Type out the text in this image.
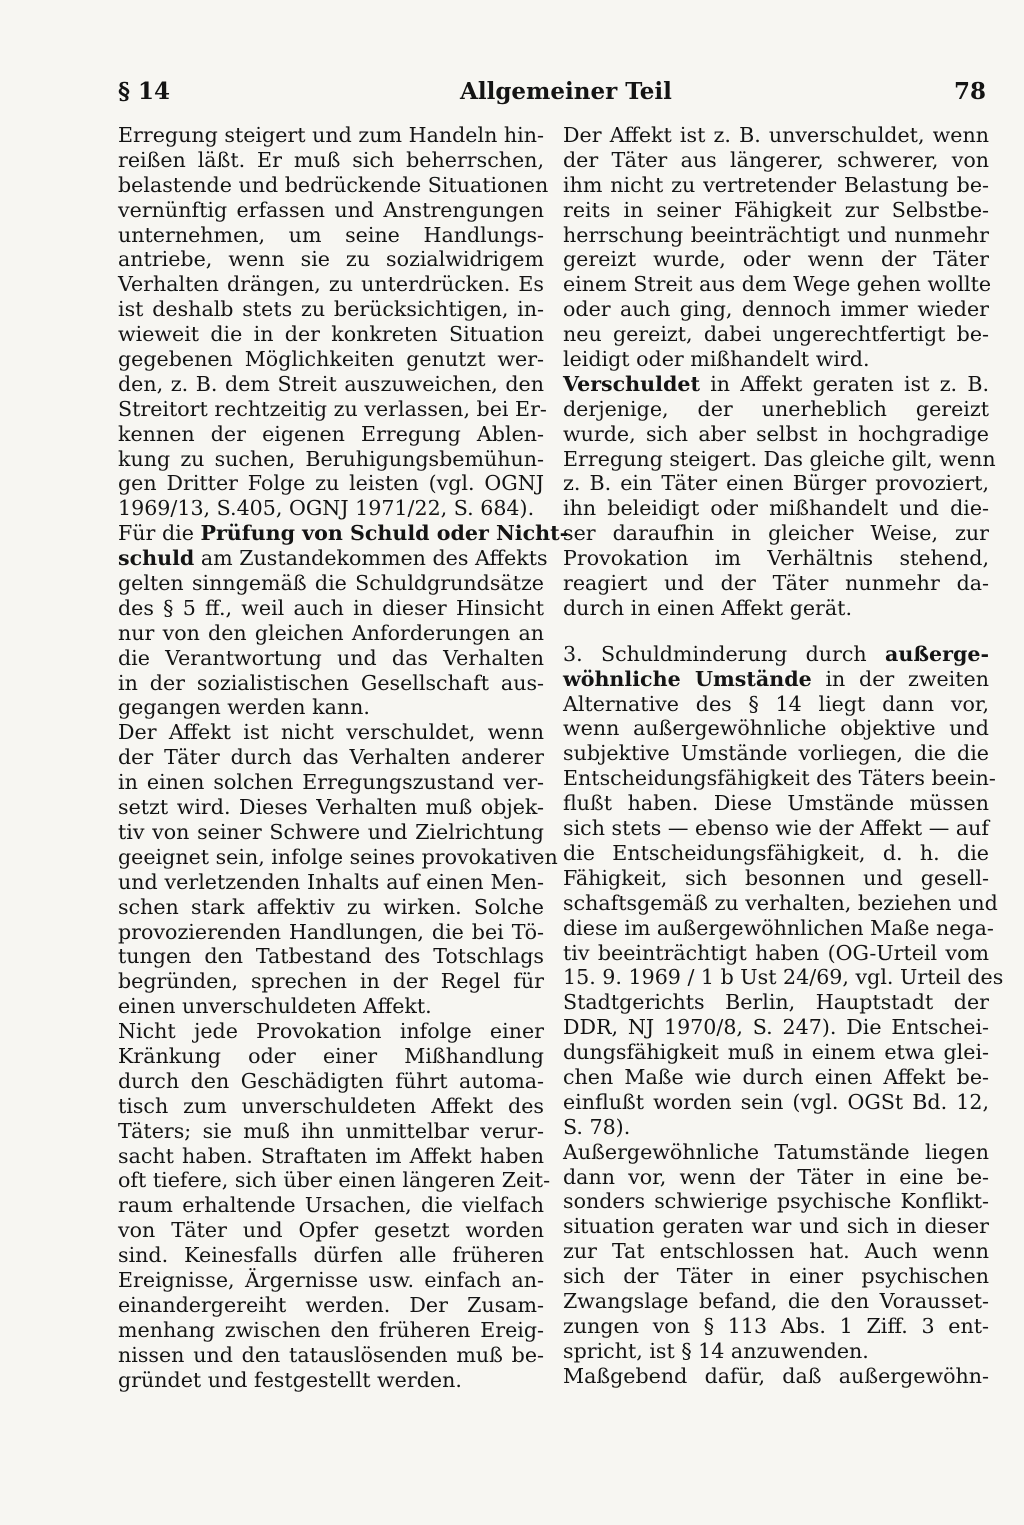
§ 14	Allgemeiner Teil	78
Erregung steigert und zum Handeln hin-
reißen läßt. Er muß sich beherrschen,
belastende und bedrückende Situationen
vernünftig erfassen und Anstrengungen
unternehmen, um seine Handlungs-
antriebe, wenn sie zu sozialwidrigem
Verhalten drängen, zu unterdrücken. Es
ist deshalb stets zu berücksichtigen, in-
wieweit die in der konkreten Situation
gegebenen Möglichkeiten genutzt wer-
den, z. B. dem Streit auszuweichen, den
Streitort rechtzeitig zu verlassen, bei Er-
kennen der eigenen Erregung Ablen-
kung zu suchen, Beruhigungsbemühun-
gen Dritter Folge zu leisten (vgl. OGNJ
1969/13, S.405, OGNJ 1971/22, S. 684).
Für die Prüfung von Schuld oder Nicht-
schuld am Zustandekommen des Affekts
gelten sinngemäß die Schuldgrundsätze
des § 5 ff., weil auch in dieser Hinsicht
nur von den gleichen Anforderungen an
die Verantwortung und das Verhalten
in der sozialistischen Gesellschaft aus-
gegangen werden kann.
Der Affekt ist nicht verschuldet, wenn
der Täter durch das Verhalten anderer
in einen solchen Erregungszustand ver-
setzt wird. Dieses Verhalten muß objek-
tiv von seiner Schwere und Zielrichtung
geeignet sein, infolge seines provokativen
und verletzenden Inhalts auf einen Men-
schen stark affektiv zu wirken. Solche
provozierenden Handlungen, die bei Tö-
tungen den Tatbestand des Totschlags
begründen, sprechen in der Regel für
einen unverschuldeten Affekt.
Nicht jede Provokation infolge einer
Kränkung oder einer Mißhandlung
durch den Geschädigten führt automa-
tisch zum unverschuldeten Affekt des
Täters; sie muß ihn unmittelbar verur-
sacht haben. Straftaten im Affekt haben
oft tiefere, sich über einen längeren Zeit-
raum erhaltende Ursachen, die vielfach
von Täter und Opfer gesetzt worden
sind. Keinesfalls dürfen alle früheren
Ereignisse, Ärgernisse usw. einfach an-
einandergereiht werden. Der Zusam-
menhang zwischen den früheren Ereig-
nissen und den tatauslösenden muß be-
gründet und festgestellt werden.
Der Affekt ist z. B. unverschuldet, wenn
der Täter aus längerer, schwerer, von
ihm nicht zu vertretender Belastung be-
reits in seiner Fähigkeit zur Selbstbe-
herrschung beeinträchtigt und nunmehr
gereizt wurde, oder wenn der Täter
einem Streit aus dem Wege gehen wollte
oder auch ging, dennoch immer wieder
neu gereizt, dabei ungerechtfertigt be-
leidigt oder mißhandelt wird.
Verschuldet in Affekt geraten ist z. B.
derjenige, der unerheblich gereizt
wurde, sich aber selbst in hochgradige
Erregung steigert. Das gleiche gilt, wenn
z. B. ein Täter einen Bürger provoziert,
ihn beleidigt oder mißhandelt und die-
ser daraufhin in gleicher Weise, zur
Provokation im Verhältnis stehend,
reagiert und der Täter nunmehr da-
durch in einen Affekt gerät.
3. Schuldminderung durch außerge-
wöhnliche Umstände in der zweiten
Alternative des § 14 liegt dann vor,
wenn außergewöhnliche objektive und
subjektive Umstände vorliegen, die die
Entscheidungsfähigkeit des Täters beein-
flußt haben. Diese Umstände müssen
sich stets — ebenso wie der Affekt — auf
die Entscheidungsfähigkeit, d. h. die
Fähigkeit, sich besonnen und gesell-
schaftsgemäß zu verhalten, beziehen und
diese im außergewöhnlichen Maße nega-
tiv beeinträchtigt haben (OG-Urteil vom
15. 9. 1969 / 1 b Ust 24/69, vgl. Urteil des
Stadtgerichts Berlin, Hauptstadt der
DDR, NJ 1970/8, S. 247). Die Entschei-
dungsfähigkeit muß in einem etwa glei-
chen Maße wie durch einen Affekt be-
einflußt worden sein (vgl. OGSt Bd. 12,
S. 78).
Außergewöhnliche Tatumstände liegen
dann vor, wenn der Täter in eine be-
sonders schwierige psychische Konflikt-
situation geraten war und sich in dieser
zur Tat entschlossen hat. Auch wenn
sich der Täter in einer psychischen
Zwangslage befand, die den Vorausset-
zungen von § 113 Abs. 1 Ziff. 3 ent-
spricht, ist § 14 anzuwenden.
Maßgebend dafür, daß außergewöhn-
